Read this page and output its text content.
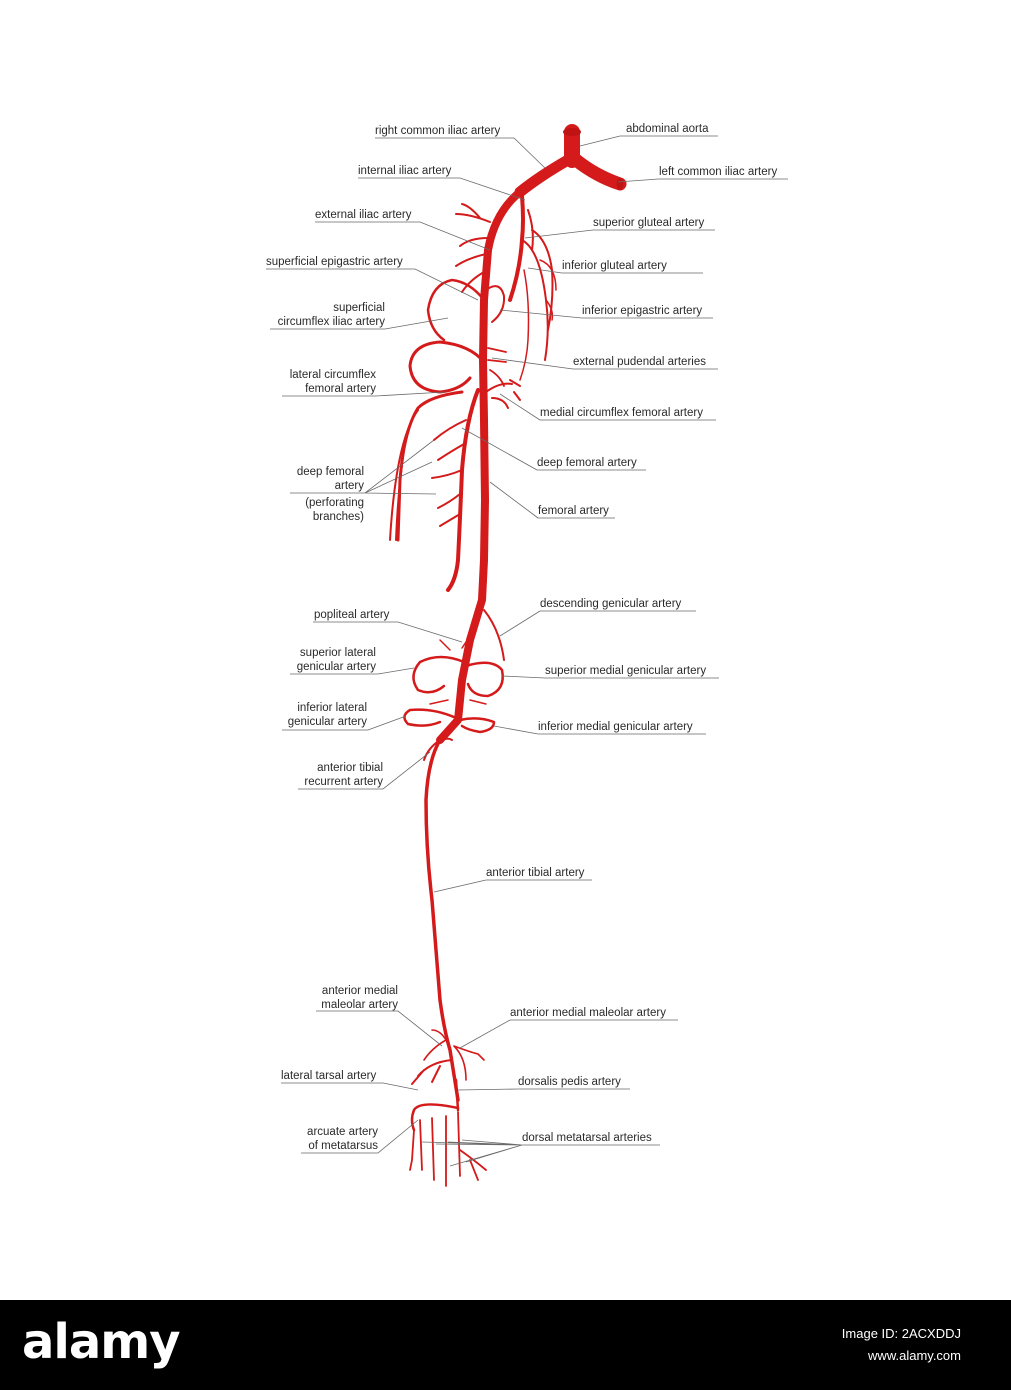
abdominal aorta
right common iliac artery
left common iliac artery
internal iliac artery
external iliac artery
superior gluteal artery
superficial epigastric artery	inferior gluteal artery
superficial
circumflex iliac artery
inferior epigastric artery
external pudendal arteries
lateral circumflex
femoral artery
medial circumflex femoral artery
deep femoral
artery
(perforating
branches)
deep femoral artery
femoral artery
descending genicular artery
popliteal artery
superior lateral
genicular artery	superior medial genicular artery
inferior lateral
genicular artery	inferior medial genicular artery
anterior tibial
recurrent artery
anterior tibial artery
anterior medial
maleolar artery
anterior medial maleolar artery
lateral tarsal artery	dorsalis pedis artery
arcuate artery
of metatarsus
dorsal metatarsal arteries
alamy	Image ID: 2ACXDDJ
www.alamy.com
